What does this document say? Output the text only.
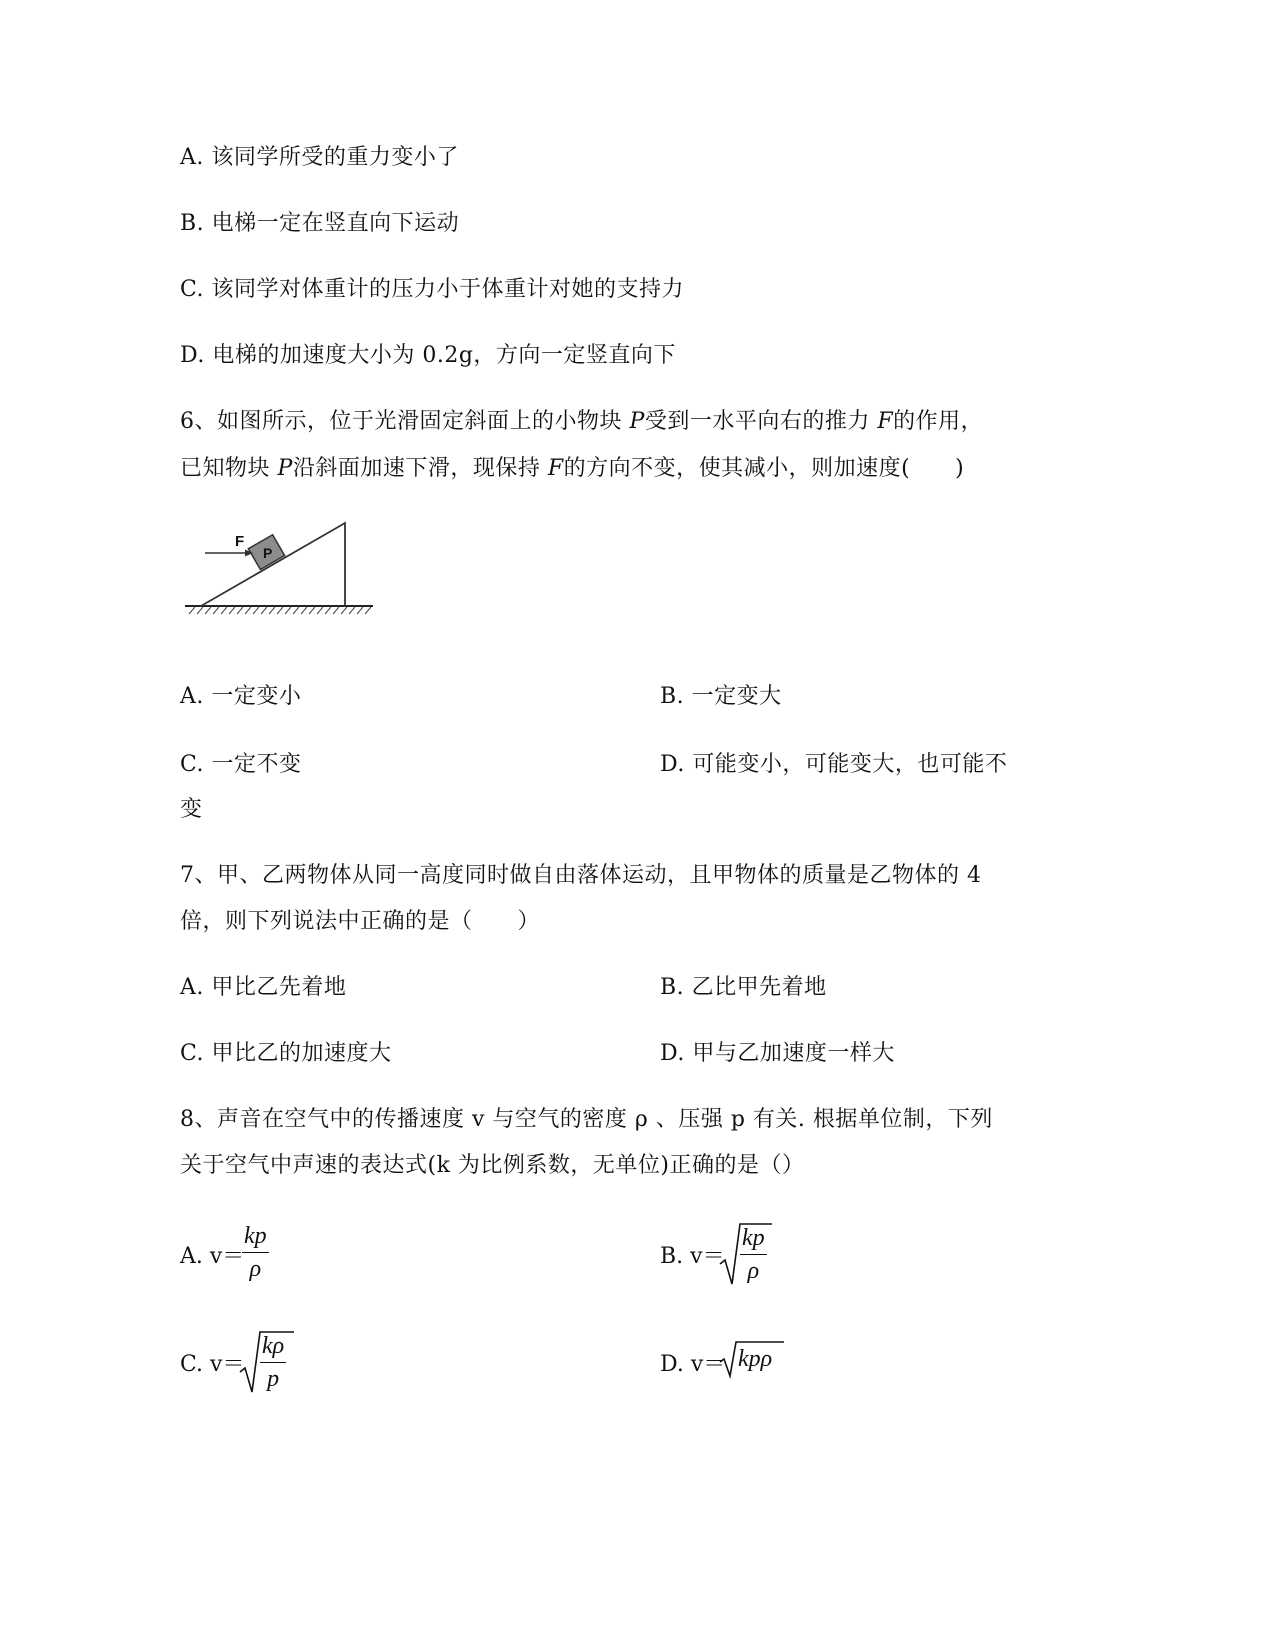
A. 该同学所受的重力变小了
B. 电梯一定在竖直向下运动
C. 该同学对体重计的压力小于体重计对她的支持力
D. 电梯的加速度大小为 0.2g，方向一定竖直向下
6、如图所示，位于光滑固定斜面上的小物块 P受到一水平向右的推力 F的作用，
已知物块 P沿斜面加速下滑，现保持 F的方向不变，使其减小，则加速度(　　)
P
F
A. 一定变小	B. 一定变大
C. 一定不变	D. 可能变小，可能变大，也可能不
变
7、甲、乙两物体从同一高度同时做自由落体运动，且甲物体的质量是乙物体的 4
倍，则下列说法中正确的是（　　）
A. 甲比乙先着地	B. 乙比甲先着地
C. 甲比乙的加速度大	D. 甲与乙加速度一样大
8、声音在空气中的传播速度 v 与空气的密度 ρ 、压强 p 有关. 根据单位制，下列
关于空气中声速的表达式(k 为比例系数，无单位)正确的是（）
A. v＝
kp
ρ	B. v＝
kp
ρ
C. v＝
kρ
p
D. v＝ kpρ
